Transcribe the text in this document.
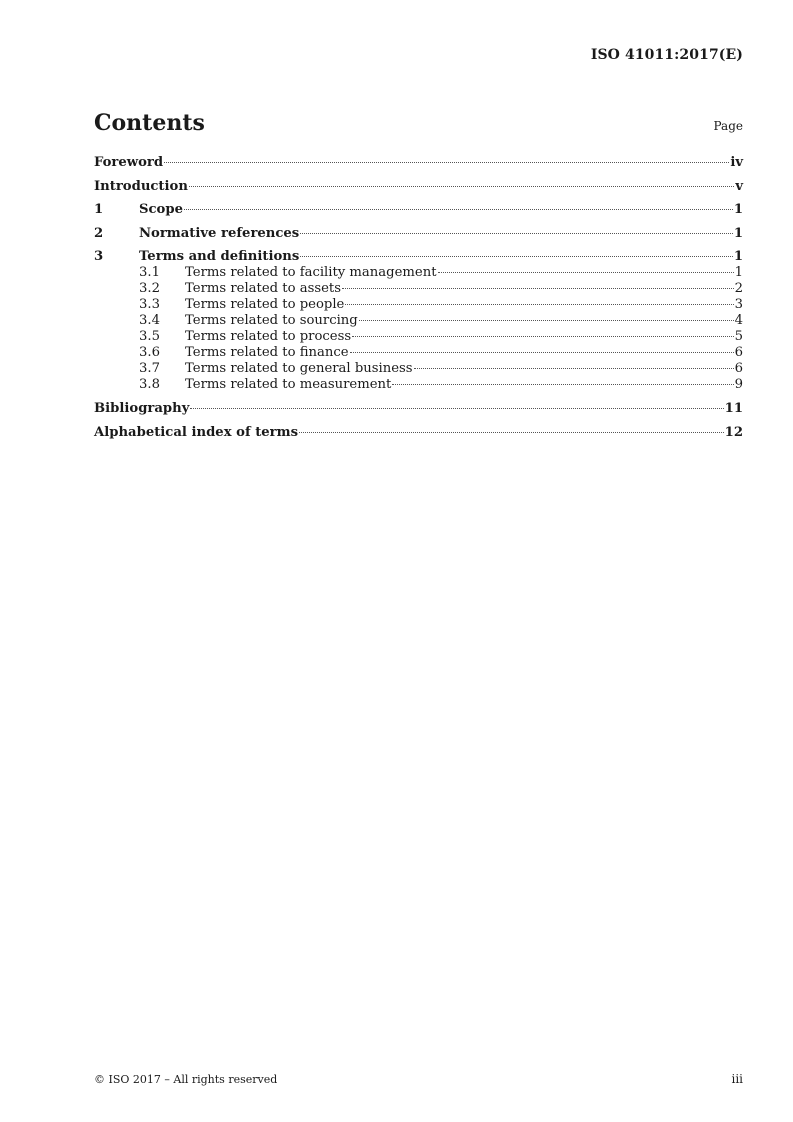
ISO 41011:2017(E)
Contents	Page
Foreword	iv
Introduction	v
1	Scope	1
2	Normative references	1
3	Terms and definitions	1
3.1	Terms related to facility management	1
3.2	Terms related to assets	2
3.3	Terms related to people	3
3.4	Terms related to sourcing	4
3.5	Terms related to process	5
3.6	Terms related to finance	6
3.7	Terms related to general business	6
3.8	Terms related to measurement	9
Bibliography	11
Alphabetical index of terms	12
© ISO 2017 – All rights reserved	iii
